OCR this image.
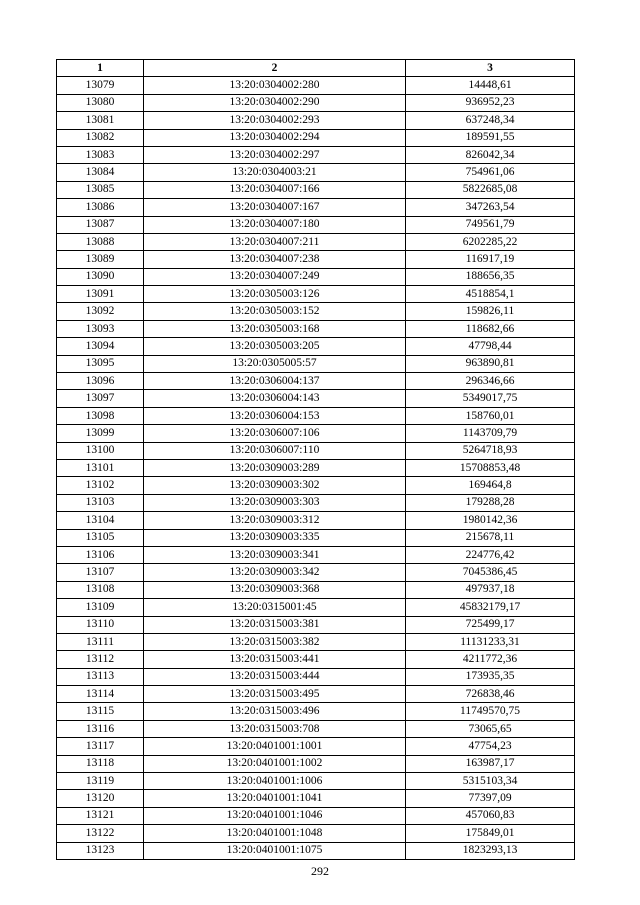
1	2	3
13079	13:20:0304002:280	14448,61
13080	13:20:0304002:290	936952,23
13081	13:20:0304002:293	637248,34
13082	13:20:0304002:294	189591,55
13083	13:20:0304002:297	826042,34
13084	13:20:0304003:21	754961,06
13085	13:20:0304007:166	5822685,08
13086	13:20:0304007:167	347263,54
13087	13:20:0304007:180	749561,79
13088	13:20:0304007:211	6202285,22
13089	13:20:0304007:238	116917,19
13090	13:20:0304007:249	188656,35
13091	13:20:0305003:126	4518854,1
13092	13:20:0305003:152	159826,11
13093	13:20:0305003:168	118682,66
13094	13:20:0305003:205	47798,44
13095	13:20:0305005:57	963890,81
13096	13:20:0306004:137	296346,66
13097	13:20:0306004:143	5349017,75
13098	13:20:0306004:153	158760,01
13099	13:20:0306007:106	1143709,79
13100	13:20:0306007:110	5264718,93
13101	13:20:0309003:289	15708853,48
13102	13:20:0309003:302	169464,8
13103	13:20:0309003:303	179288,28
13104	13:20:0309003:312	1980142,36
13105	13:20:0309003:335	215678,11
13106	13:20:0309003:341	224776,42
13107	13:20:0309003:342	7045386,45
13108	13:20:0309003:368	497937,18
13109	13:20:0315001:45	45832179,17
13110	13:20:0315003:381	725499,17
13111	13:20:0315003:382	11131233,31
13112	13:20:0315003:441	4211772,36
13113	13:20:0315003:444	173935,35
13114	13:20:0315003:495	726838,46
13115	13:20:0315003:496	11749570,75
13116	13:20:0315003:708	73065,65
13117	13:20:0401001:1001	47754,23
13118	13:20:0401001:1002	163987,17
13119	13:20:0401001:1006	5315103,34
13120	13:20:0401001:1041	77397,09
13121	13:20:0401001:1046	457060,83
13122	13:20:0401001:1048	175849,01
13123	13:20:0401001:1075	1823293,13
292
